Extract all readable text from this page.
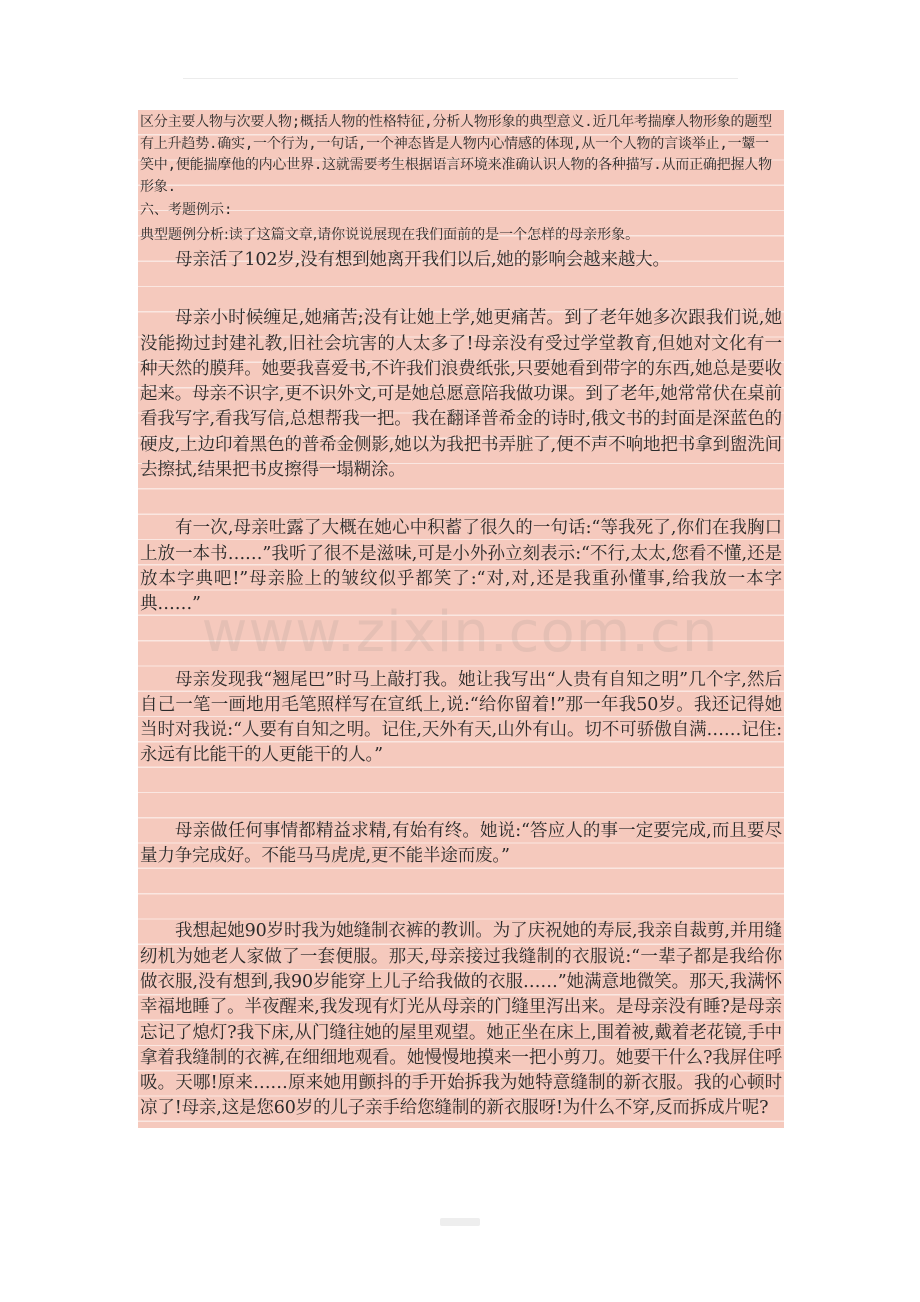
区分主要人物与次要人物;概括人物的性格特征,分析人物形象的典型意义.近几年考揣摩人物形象的题型有上升趋势.确实,一个行为,一句话,一个神态皆是人物内心情感的体现,从一个人物的言谈举止,一颦一笑中,便能揣摩他的内心世界.这就需要考生根据语言环境来准确认识人物的各种描写.从而正确把握人物形象.

六、考题例示:

典型题例分析:读了这篇文章,请你说说展现在我们面前的是一个怎样的母亲形象。

母亲活了102岁,没有想到她离开我们以后,她的影响会越来越大。

母亲小时候缠足,她痛苦;没有让她上学,她更痛苦。到了老年她多次跟我们说,她没能拗过封建礼教,旧社会坑害的人太多了!母亲没有受过学堂教育,但她对文化有一种天然的膜拜。她要我喜爱书,不许我们浪费纸张,只要她看到带字的东西,她总是要收起来。母亲不识字,更不识外文,可是她总愿意陪我做功课。到了老年,她常常伏在桌前看我写字,看我写信,总想帮我一把。我在翻译普希金的诗时,俄文书的封面是深蓝色的硬皮,上边印着黑色的普希金侧影,她以为我把书弄脏了,便不声不响地把书拿到盥洗间去擦拭,结果把书皮擦得一塌糊涂。

有一次,母亲吐露了大概在她心中积蓄了很久的一句话:“等我死了,你们在我胸口上放一本书……”我听了很不是滋味,可是小外孙立刻表示:“不行,太太,您看不懂,还是放本字典吧!”母亲脸上的皱纹似乎都笑了:“对,对,还是我重孙懂事,给我放一本字典……”

母亲发现我“翘尾巴”时马上敲打我。她让我写出“人贵有自知之明”几个字,然后自己一笔一画地用毛笔照样写在宣纸上,说:“给你留着!”那一年我50岁。我还记得她当时对我说:“人要有自知之明。记住,天外有天,山外有山。切不可骄傲自满……记住:永远有比能干的人更能干的人。”

母亲做任何事情都精益求精,有始有终。她说:“答应人的事一定要完成,而且要尽量力争完成好。不能马马虎虎,更不能半途而废。”

我想起她90岁时我为她缝制衣裤的教训。为了庆祝她的寿辰,我亲自裁剪,并用缝纫机为她老人家做了一套便服。那天,母亲接过我缝制的衣服说:“一辈子都是我给你做衣服,没有想到,我90岁能穿上儿子给我做的衣服……”她满意地微笑。那天,我满怀幸福地睡了。半夜醒来,我发现有灯光从母亲的门缝里泻出来。是母亲没有睡?是母亲忘记了熄灯?我下床,从门缝往她的屋里观望。她正坐在床上,围着被,戴着老花镜,手中拿着我缝制的衣裤,在细细地观看。她慢慢地摸来一把小剪刀。她要干什么?我屏住呼吸。天哪!原来……原来她用颤抖的手开始拆我为她特意缝制的新衣服。我的心顿时凉了!母亲,这是您60岁的儿子亲手给您缝制的新衣服呀!为什么不穿,反而拆成片呢?
